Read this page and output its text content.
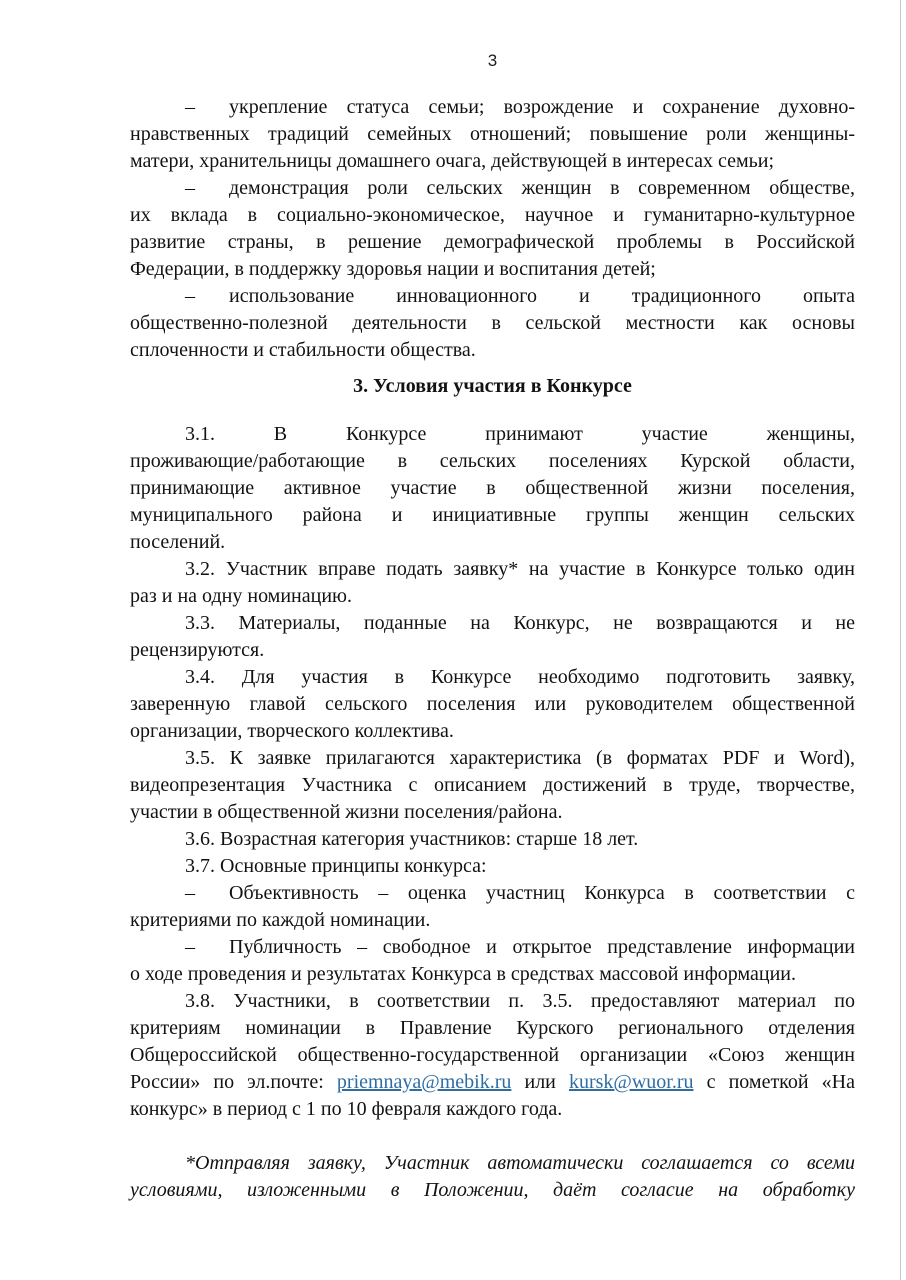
3
– укрепление статуса семьи; возрождение и сохранение духовно-
нравственных традиций семейных отношений; повышение роли женщины-
матери, хранительницы домашнего очага, действующей в интересах семьи;
– демонстрация роли сельских женщин в современном обществе,
их вклада в социально-экономическое, научное и гуманитарно-культурное
развитие страны, в решение демографической проблемы в Российской
Федерации, в поддержку здоровья нации и воспитания детей;
– использование инновационного и традиционного опыта
общественно-полезной деятельности в сельской местности как основы
сплоченности и стабильности общества.
3. Условия участия в Конкурсе
3.1. В Конкурсе принимают участие женщины,
проживающие/работающие в сельских поселениях Курской области,
принимающие активное участие в общественной жизни поселения,
муниципального района и инициативные группы женщин сельских
поселений.
3.2. Участник вправе подать заявку* на участие в Конкурсе только один
раз и на одну номинацию.
3.3. Материалы, поданные на Конкурс, не возвращаются и не
рецензируются.
3.4. Для участия в Конкурсе необходимо подготовить заявку,
заверенную главой сельского поселения или руководителем общественной
организации, творческого коллектива.
3.5. К заявке прилагаются характеристика (в форматах PDF и Word),
видеопрезентация Участника с описанием достижений в труде, творчестве,
участии в общественной жизни поселения/района.
3.6. Возрастная категория участников: старше 18 лет.
3.7. Основные принципы конкурса:
– Объективность – оценка участниц Конкурса в соответствии с
критериями по каждой номинации.
– Публичность – свободное и открытое представление информации
о ходе проведения и результатах Конкурса в средствах массовой информации.
3.8. Участники, в соответствии п. 3.5. предоставляют материал по
критериям номинации в Правление Курского регионального отделения
Общероссийской общественно-государственной организации «Союз женщин
России» по эл.почте: priemnaya@mebik.ru или kursk@wuor.ru с пометкой «На
конкурс» в период с 1 по 10 февраля каждого года.
*Отправляя заявку, Участник автоматически соглашается со всеми
условиями, изложенными в Положении, даёт согласие на обработку
